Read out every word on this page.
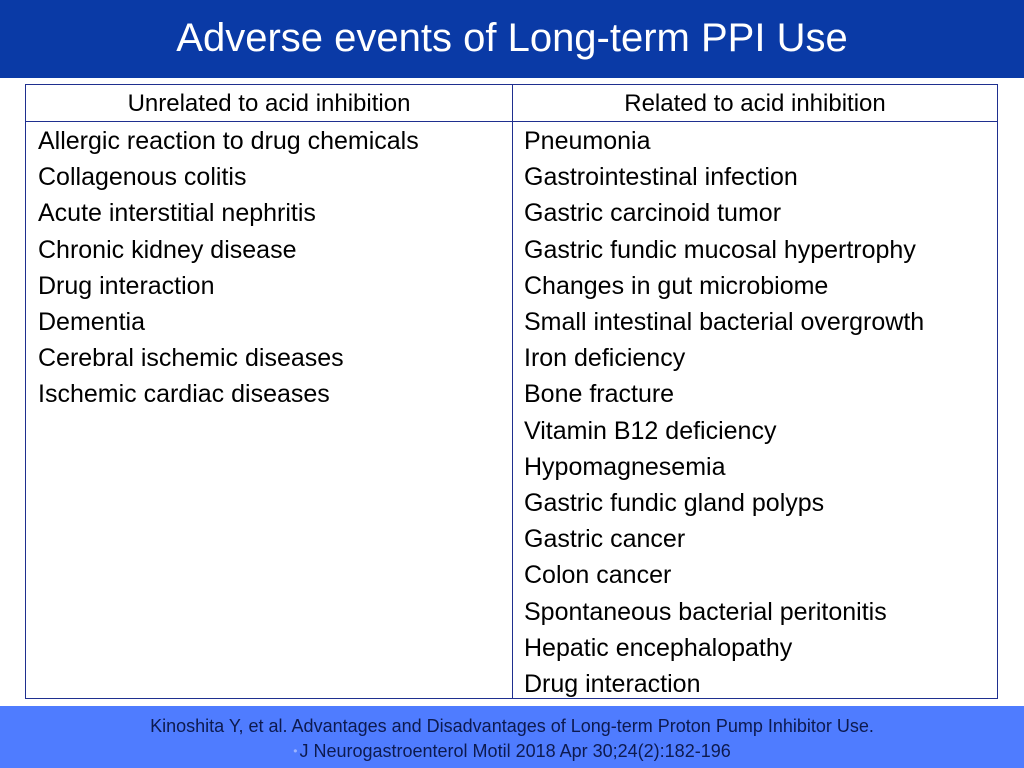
Adverse events of Long-term PPI Use
Unrelated to acid inhibition	Related to acid inhibition
Allergic reaction to drug chemicals
Collagenous colitis
Acute interstitial nephritis
Chronic kidney disease
Drug interaction
Dementia
Cerebral ischemic diseases
Ischemic cardiac diseases
Pneumonia
Gastrointestinal infection
Gastric carcinoid tumor
Gastric fundic mucosal hypertrophy
Changes in gut microbiome
Small intestinal bacterial overgrowth
Iron deficiency
Bone fracture
Vitamin B12 deficiency
Hypomagnesemia
Gastric fundic gland polyps
Gastric cancer
Colon cancer
Spontaneous bacterial peritonitis
Hepatic encephalopathy
Drug interaction
Kinoshita Y, et al. Advantages and Disadvantages of Long-term Proton Pump Inhibitor Use.
• J Neurogastroenterol Motil 2018 Apr 30;24(2):182-196
